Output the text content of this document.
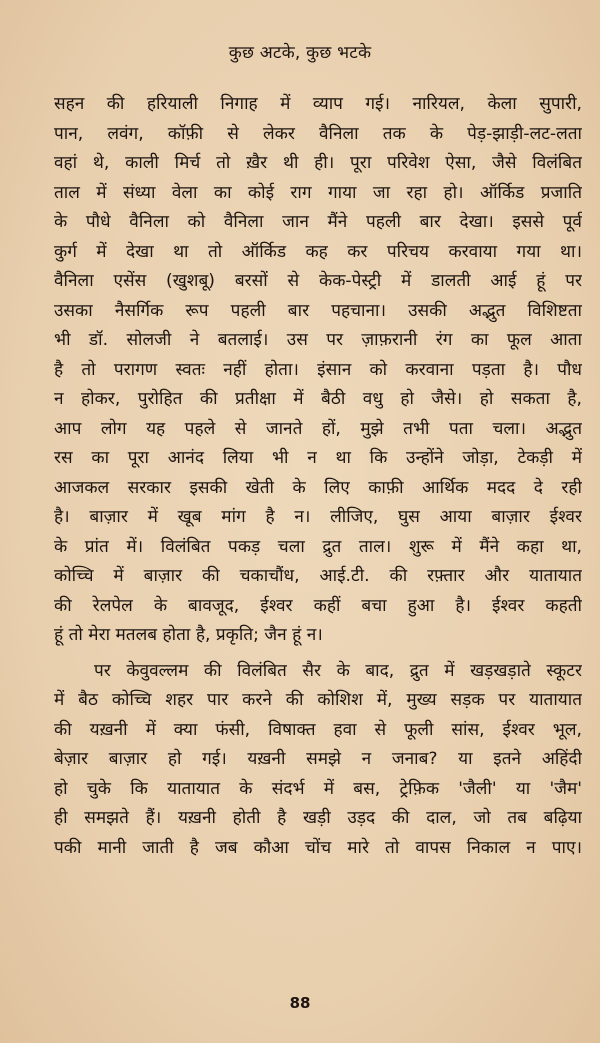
कुछ अटके, कुछ भटके
सहन की हरियाली निगाह में व्याप गई। नारियल, केला सुपारी,
पान, लवंग, कॉफ़ी से लेकर वैनिला तक के पेड़-झाड़ी-लट-लता
वहां थे, काली मिर्च तो ख़ैर थी ही। पूरा परिवेश ऐसा, जैसे विलंबित
ताल में संध्या वेला का कोई राग गाया जा रहा हो। ऑर्किड प्रजाति
के पौधे वैनिला को वैनिला जान मैंने पहली बार देखा। इससे पूर्व
कुर्ग में देखा था तो ऑर्किड कह कर परिचय करवाया गया था।
वैनिला एसेंस (खुशबू) बरसों से केक-पेस्ट्री में डालती आई हूं पर
उसका नैसर्गिक रूप पहली बार पहचाना। उसकी अद्भुत विशिष्टता
भी डॉ. सोलजी ने बतलाई। उस पर ज़ाफ़रानी रंग का फूल आता
है तो परागण स्वतः नहीं होता। इंसान को करवाना पड़ता है। पौध
न होकर, पुरोहित की प्रतीक्षा में बैठी वधु हो जैसे। हो सकता है,
आप लोग यह पहले से जानते हों, मुझे तभी पता चला। अद्भुत
रस का पूरा आनंद लिया भी न था कि उन्होंने जोड़ा, टेकड़ी में
आजकल सरकार इसकी खेती के लिए काफ़ी आर्थिक मदद दे रही
है। बाज़ार में खूब मांग है न। लीजिए, घुस आया बाज़ार ईश्वर
के प्रांत में। विलंबित पकड़ चला द्रुत ताल। शुरू में मैंने कहा था,
कोच्चि में बाज़ार की चकाचौंध, आई.टी. की रफ़्तार और यातायात
की रेलपेल के बावजूद, ईश्वर कहीं बचा हुआ है। ईश्वर कहती
हूं तो मेरा मतलब होता है, प्रकृति; जैन हूं न।
पर केवुवल्लम की विलंबित सैर के बाद, द्रुत में खड़खड़ाते स्कूटर
में बैठ कोच्चि शहर पार करने की कोशिश में, मुख्य सड़क पर यातायात
की यख़नी में क्या फंसी, विषाक्त हवा से फूली सांस, ईश्वर भूल,
बेज़ार बाज़ार हो गई। यख़नी समझे न जनाब? या इतने अहिंदी
हो चुके कि यातायात के संदर्भ में बस, ट्रेफ़िक 'जैली' या 'जैम'
ही समझते हैं। यख़नी होती है खड़ी उड़द की दाल, जो तब बढ़िया
पकी मानी जाती है जब कौआ चोंच मारे तो वापस निकाल न पाए।
88
